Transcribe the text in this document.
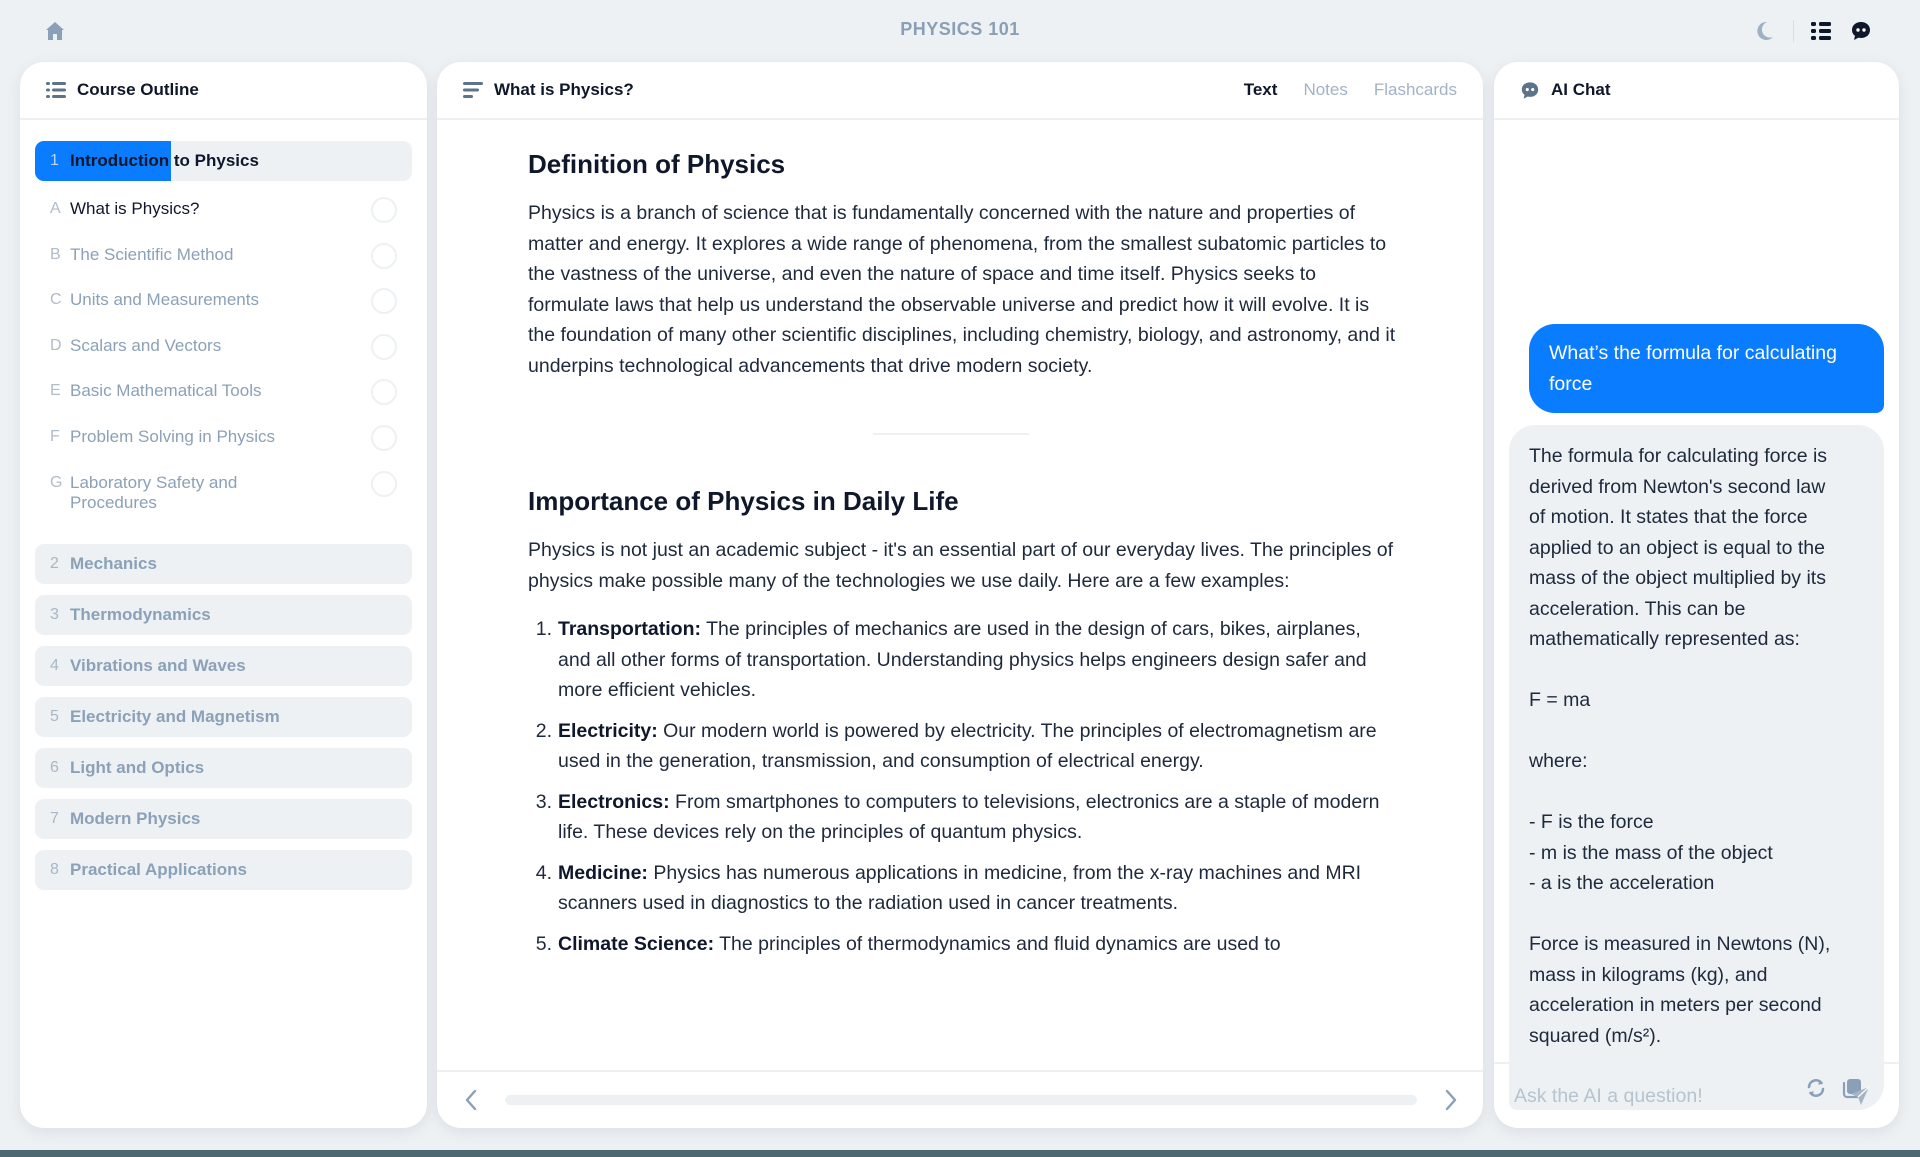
PHYSICS 101
Course Outline
1 Introduction to Physics
A What is Physics?
B The Scientific Method
C Units and Measurements
D Scalars and Vectors
E Basic Mathematical Tools
F Problem Solving in Physics
G Laboratory Safety and Procedures
2 Mechanics
3 Thermodynamics
4 Vibrations and Waves
5 Electricity and Magnetism
6 Light and Optics
7 Modern Physics
8 Practical Applications
What is Physics?	Text Notes Flashcards
Definition of Physics

Physics is a branch of science that is fundamentally concerned with the nature and properties of matter and energy. It explores a wide range of phenomena, from the smallest subatomic particles to the vastness of the universe, and even the nature of space and time itself. Physics seeks to formulate laws that help us understand the observable universe and predict how it will evolve. It is the foundation of many other scientific disciplines, including chemistry, biology, and astronomy, and it underpins technological advancements that drive modern society.

Importance of Physics in Daily Life

Physics is not just an academic subject - it's an essential part of our everyday lives. The principles of physics make possible many of the technologies we use daily. Here are a few examples:

1. Transportation: The principles of mechanics are used in the design of cars, bikes, airplanes, and all other forms of transportation. Understanding physics helps engineers design safer and more efficient vehicles.
2. Electricity: Our modern world is powered by electricity. The principles of electromagnetism are used in the generation, transmission, and consumption of electrical energy.
3. Electronics: From smartphones to computers to televisions, electronics are a staple of modern life. These devices rely on the principles of quantum physics.
4. Medicine: Physics has numerous applications in medicine, from the x-ray machines and MRI scanners used in diagnostics to the radiation used in cancer treatments.
5. Climate Science: The principles of thermodynamics and fluid dynamics are used to
AI Chat
What’s the formula for calculating force
The formula for calculating force is
derived from Newton's second law
of motion. It states that the force
applied to an object is equal to the
mass of the object multiplied by its
acceleration. This can be
mathematically represented as:
F = ma
where:
- F is the force
- m is the mass of the object
- a is the acceleration
Force is measured in Newtons (N),
mass in kilograms (kg), and
acceleration in meters per second
squared (m/s²).
Ask the AI a question!
